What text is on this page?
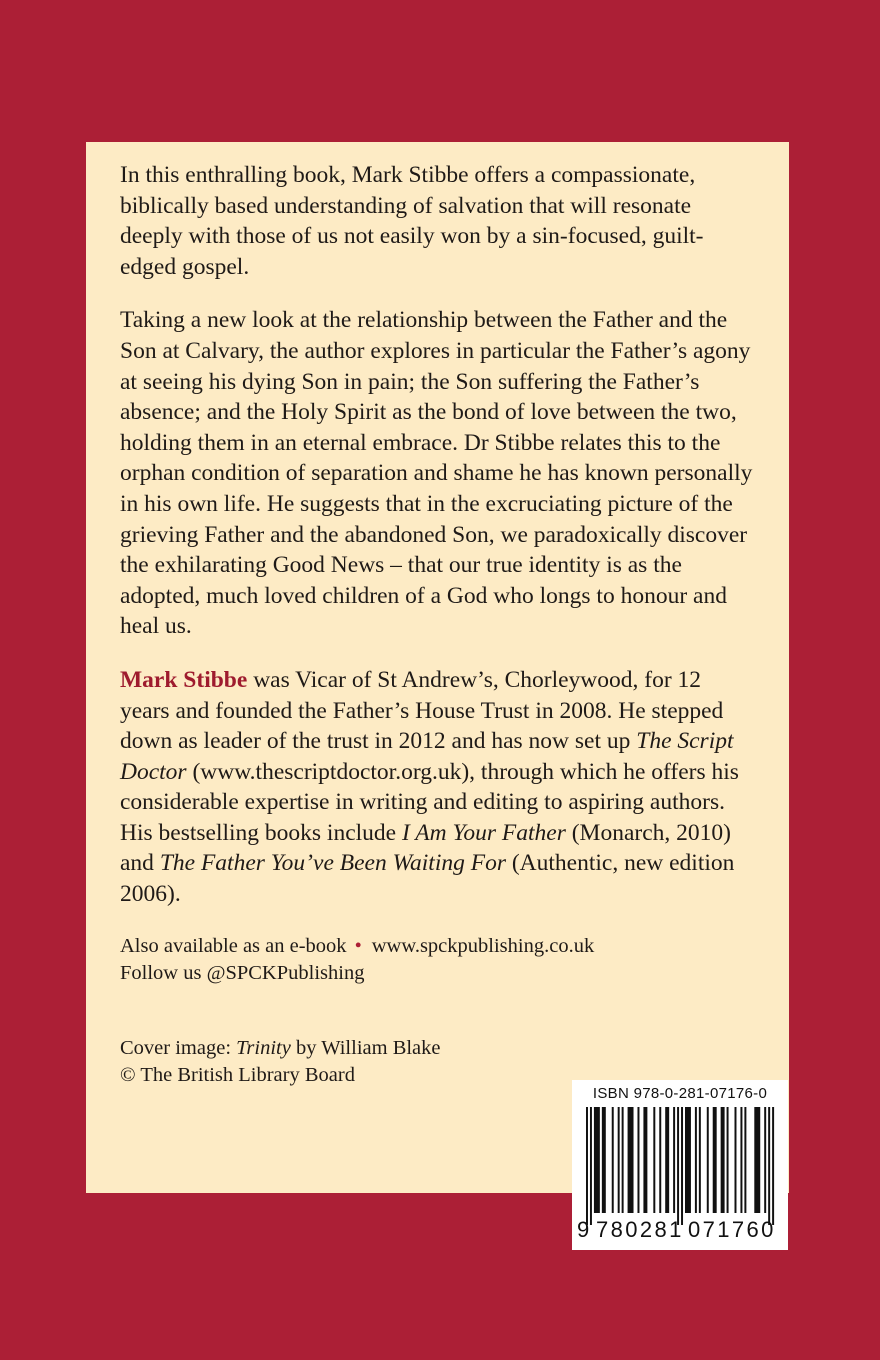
In this enthralling book, Mark Stibbe offers a compassionate, biblically based understanding of salvation that will resonate deeply with those of us not easily won by a sin-focused, guilt-edged gospel.

Taking a new look at the relationship between the Father and the Son at Calvary, the author explores in particular the Father’s agony at seeing his dying Son in pain; the Son suffering the Father’s absence; and the Holy Spirit as the bond of love between the two, holding them in an eternal embrace. Dr Stibbe relates this to the orphan condition of separation and shame he has known personally in his own life. He suggests that in the excruciating picture of the grieving Father and the abandoned Son, we paradoxically discover the exhilarating Good News – that our true identity is as the adopted, much loved children of a God who longs to honour and heal us.

Mark Stibbe was Vicar of St Andrew’s, Chorleywood, for 12 years and founded the Father’s House Trust in 2008. He stepped down as leader of the trust in 2012 and has now set up The Script Doctor (www.thescriptdoctor.org.uk), through which he offers his considerable expertise in writing and editing to aspiring authors. His bestselling books include I Am Your Father (Monarch, 2010) and The Father You’ve Been Waiting For (Authentic, new edition 2006).

Also available as an e-book • www.spckpublishing.co.uk

Follow us @SPCKPublishing

Cover image: Trinity by William Blake

© The British Library Board

ISBN 978-0-281-07176-0
9 780281 071760
